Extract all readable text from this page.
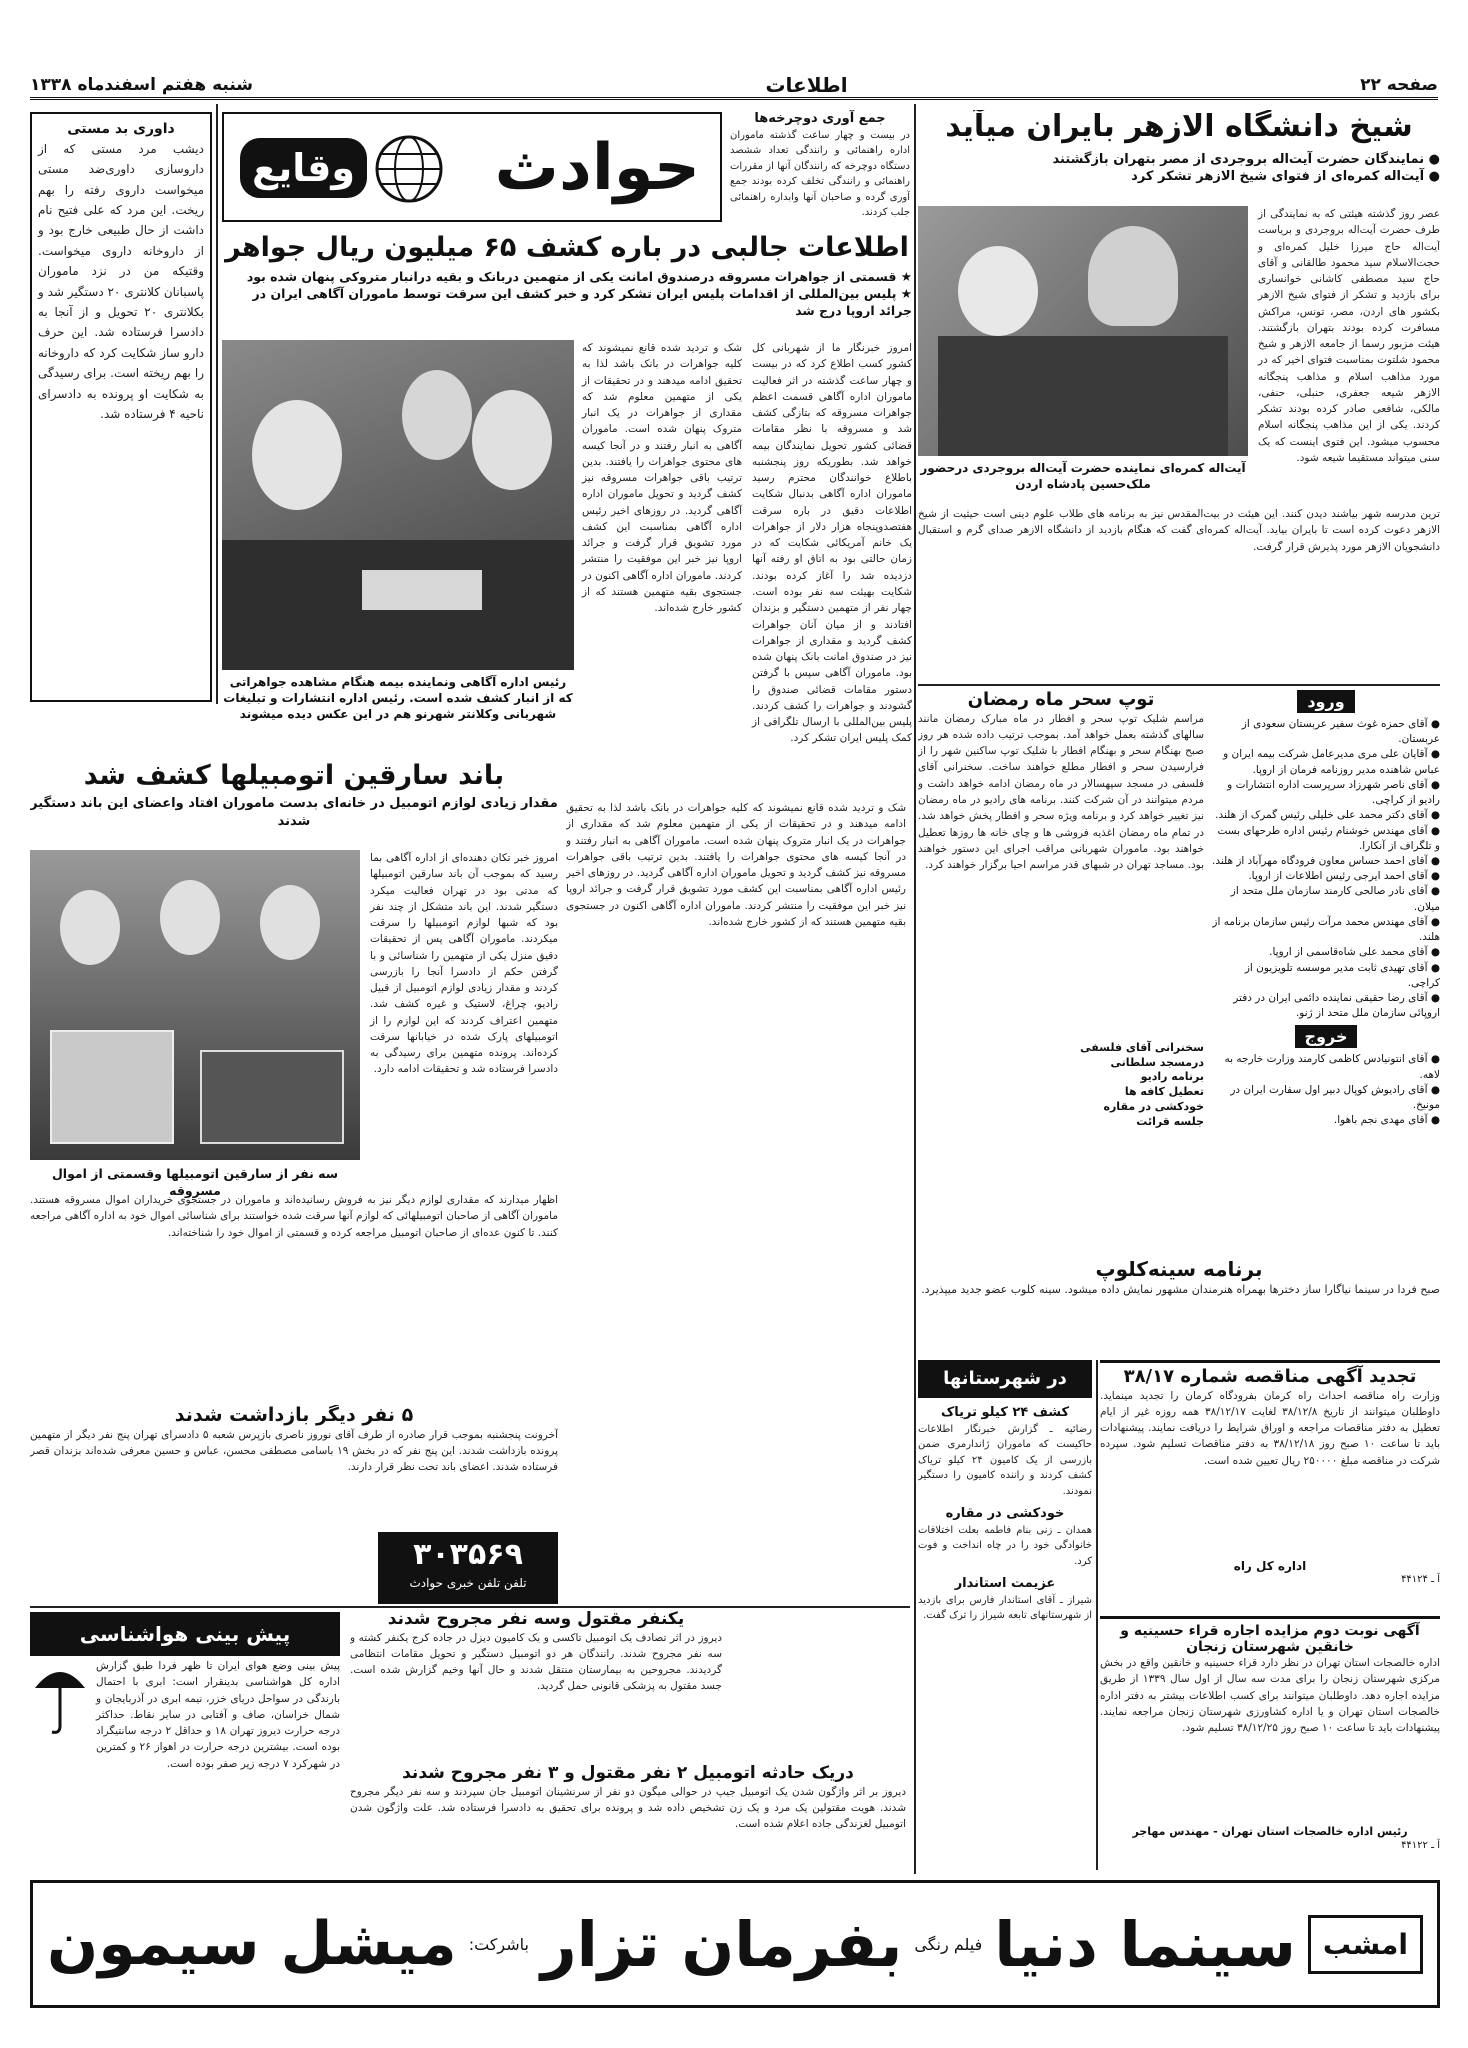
صفحه ۲۲
اطلاعات
شنبه هفتم اسفندماه ۱۳۳۸
شیخ دانشگاه الازهر بایران میآید
● نمایندگان حضرت آیت‌اله بروجردی از مصر بتهران بازگشتند
● آیت‌اله کمره‌ای از فتوای شیخ الازهر تشکر کرد
عصر روز گذشته هیئتی که به نمایندگی از طرف حضرت آیت‌اله بروجردی و بریاست آیت‌اله حاج میرزا خلیل کمره‌ای و حجت‌الاسلام سید محمود طالقانی و آقای حاج سید مصطفی کاشانی خوانساری برای بازدید و تشکر از فتوای شیخ الازهر بکشور های اردن، مصر، تونس، مراکش مسافرت کرده بودند بتهران بازگشتند. هیئت مزبور رسما از جامعه الازهر و شیخ محمود شلتوت بمناسبت فتوای اخیر که در مورد مذاهب اسلام و مذاهب پنجگانه الازهر شیعه جعفری، حنبلی، حنفی، مالکی، شافعی صادر کرده بودند تشکر کردند. یکی از این مذاهب پنجگانه اسلام محسوب میشود. این فتوی اینست که یک سنی میتواند مستقیما شیعه شود.
آیت‌اله کمره‌ای نماینده حضرت آیت‌اله بروجردی درحضور ملک‌حسین پادشاه اردن
ترین مدرسه شهر بیاشند دیدن کنند. این هیئت در بیت‌المقدس نیز به برنامه های طلاب علوم دینی است حیثیت از شیخ الازهر دعوت کرده است تا بایران بیاید. آیت‌اله کمره‌ای گفت که هنگام بازدید از دانشگاه الازهر صدای گرم و استقبال دانشجویان الازهر مورد پذیرش قرار گرفت.
جمع آوری دوچرخه‌ها
در بیست و چهار ساعت گذشته ماموران اداره راهنمائی و رانندگی تعداد ششصد دستگاه دوچرخه که رانندگان آنها از مقررات راهنمائی و رانندگی تخلف کرده بودند جمع آوری گرده و صاحبان آنها وابداره راهنمائی جلب کردند.
حوادث
وقایع
داوری بد مستی
دیشب مرد مستی که از داروسازی داوری‌ضد مستی میخواست داروی رفته را بهم ریخت. این مرد که علی فتیح نام داشت از حال طبیعی خارج بود و از داروخانه داروی میخواست. وقتیکه من در نزد ماموران پاسبانان کلانتری ۲۰ دستگیر شد و بکلانتری ۲۰ تحویل و از آنجا به دادسرا فرستاده شد. این حرف دارو ساز شکایت کرد که داروخانه را بهم ریخته است. برای رسیدگی به شکایت او پرونده به دادسرای ناحیه ۴ فرستاده شد.
اطلاعات جالبی در باره کشف ۶۵ میلیون ریال جواهر
★ قسمتی از جواهرات مسروقه درصندوق امانت یکی از متهمین دربانک و بقیه درانبار متروکی پنهان شده بود
★ پلیس بین‌المللی از اقدامات پلیس ایران تشکر کرد و خبر کشف این سرقت توسط ماموران آگاهی ایران در جرائد اروپا درج شد
امروز خبرنگار ما از شهربانی کل کشور کسب اطلاع کرد که در بیست و چهار ساعت گذشته در اثر فعالیت ماموران اداره آگاهی قسمت اعظم جواهرات مسروقه که بتازگی کشف شد و مسروقه با نظر مقامات قضائی کشور تحویل نمایندگان بیمه خواهد شد. بطوریکه روز پنجشنبه باطلاع خوانندگان محترم رسید ماموران اداره آگاهی بدنبال شکایت اطلاعات دقیق در باره سرقت هفتصدوپنجاه هزار دلار از جواهرات یک خانم آمریکائی شکایت که در زمان حالتی بود به اتاق او رفته آنها دزدیده شد را آغاز کرده بودند. شکایت بهیئت سه نفر بوده است. چهار نفر از متهمین دستگیر و بزندان افتادند و از میان آنان جواهرات کشف گردید و مقداری از جواهرات نیز در صندوق امانت بانک پنهان شده بود. ماموران آگاهی سپس با گرفتن دستور مقامات قضائی صندوق را گشودند و جواهرات را کشف کردند. پلیس بین‌المللی با ارسال تلگرافی از کمک پلیس ایران تشکر کرد.
شک و تردید شده قانع نمیشوند که کلیه جواهرات در بانک باشد لذا به تحقیق ادامه میدهند و در تحقیقات از یکی از متهمین معلوم شد که مقداری از جواهرات در یک انبار متروک پنهان شده است. ماموران آگاهی به انبار رفتند و در آنجا کیسه های محتوی جواهرات را یافتند. بدین ترتیب باقی جواهرات مسروقه نیز کشف گردید و تحویل ماموران اداره آگاهی گردید. در روزهای اخیر رئیس اداره آگاهی بمناسبت این کشف مورد تشویق قرار گرفت و جرائد اروپا نیز خبر این موفقیت را منتشر کردند. ماموران اداره آگاهی اکنون در جستجوی بقیه متهمین هستند که از کشور خارج شده‌اند.
رئیس اداره آگاهی ونماینده بیمه هنگام مشاهده جواهراتی که از انبار کشف شده است. رئیس اداره انتشارات و تبلیغات شهربانی وکلانتر شهرنو هم در این عکس دیده میشوند
باند سارقین اتومبیلها کشف شد
مقدار زیادی لوازم اتومبیل در خانه‌ای بدست ماموران افتاد واعضای این باند دستگیر شدند
امروز خبر تکان دهنده‌ای از اداره آگاهی بما رسید که بموجب آن باند سارقین اتومبیلها که مدتی بود در تهران فعالیت میکرد دستگیر شدند. این باند متشکل از چند نفر بود که شبها لوازم اتومبیلها را سرقت میکردند. ماموران آگاهی پس از تحقیقات دقیق منزل یکی از متهمین را شناسائی و با گرفتن حکم از دادسرا آنجا را بازرسی کردند و مقدار زیادی لوازم اتومبیل از قبیل رادیو، چراغ، لاستیک و غیره کشف شد. متهمین اعتراف کردند که این لوازم را از اتومبیلهای پارک شده در خیابانها سرقت کرده‌اند. پرونده متهمین برای رسیدگی به دادسرا فرستاده شد و تحقیقات ادامه دارد.
سه نفر از سارقین اتومبیلها وقسمتی از اموال مسروقه
اظهار میدارند که مقداری لوازم دیگر نیز به فروش رسانیده‌اند و ماموران در جستجوی خریداران اموال مسروقه هستند. ماموران آگاهی از صاحبان اتومبیلهائی که لوازم آنها سرقت شده خواستند برای شناسائی اموال خود به اداره آگاهی مراجعه کنند. تا کنون عده‌ای از صاحبان اتومبیل مراجعه کرده و قسمتی از اموال خود را شناخته‌اند.
۵ نفر دیگر بازداشت شدند
آخرونت پنجشنبه بموجب قرار صادره از طرف آقای نوروز ناصری بازپرس شعبه ۵ دادسرای تهران پنج نفر دیگر از متهمین پرونده بازداشت شدند. این پنج نفر که در بخش ۱۹ باسامی مصطفی محسن، عباس و حسین معرفی شده‌اند بزندان قصر فرستاده شدند. اعضای باند تحت نظر قرار دارند.
۳۰۳۵۶۹
تلفن تلفن خبری حوادث
پیش بینی هواشناسی
پیش بینی وضع هوای ایران تا ظهر فردا طبق گزارش اداره کل هواشناسی بدینقرار است: ابری با احتمال بارندگی در سواحل دریای خزر، نیمه ابری در آذربایجان و شمال خراسان، صاف و آفتابی در سایر نقاط. حداکثر درجه حرارت دیروز تهران ۱۸ و حداقل ۲ درجه سانتیگراد بوده است. بیشترین درجه حرارت در اهواز ۲۶ و کمترین در شهرکرد ۷ درجه زیر صفر بوده است.
یکنفر مقتول وسه نفر مجروح شدند
دیروز در اثر تصادف یک اتومبیل تاکسی و یک کامیون دیزل در جاده کرج یکنفر کشته و سه نفر مجروح شدند. رانندگان هر دو اتومبیل دستگیر و تحویل مقامات انتظامی گردیدند. مجروحین به بیمارستان منتقل شدند و حال آنها وخیم گزارش شده است. جسد مقتول به پزشکی قانونی حمل گردید.
دریک حادثه اتومبیل ۲ نفر مقتول و ۳ نفر مجروح شدند
دیروز بر اثر واژگون شدن یک اتومبیل جیپ در حوالی میگون دو نفر از سرنشینان اتومبیل جان سپردند و سه نفر دیگر مجروح شدند. هویت مقتولین یک مرد و یک زن تشخیص داده شد و پرونده برای تحقیق به دادسرا فرستاده شد. علت واژگون شدن اتومبیل لغزندگی جاده اعلام شده است.
شک و تردید شده قانع نمیشوند که کلیه جواهرات در بانک باشد لذا به تحقیق ادامه میدهند و در تحقیقات از یکی از متهمین معلوم شد که مقداری از جواهرات در یک انبار متروک پنهان شده است. ماموران آگاهی به انبار رفتند و در آنجا کیسه های محتوی جواهرات را یافتند. بدین ترتیب باقی جواهرات مسروقه نیز کشف گردید و تحویل ماموران اداره آگاهی گردید. در روزهای اخیر رئیس اداره آگاهی بمناسبت این کشف مورد تشویق قرار گرفت و جرائد اروپا نیز خبر این موفقیت را منتشر کردند. ماموران اداره آگاهی اکنون در جستجوی بقیه متهمین هستند که از کشور خارج شده‌اند.
توپ سحر ماه رمضان
مراسم شلیک توپ سحر و افطار در ماه مبارک رمضان مانند سالهای گذشته بعمل خواهد آمد. بموجب ترتیب داده شده هر روز صبح بهنگام سحر و بهنگام افطار با شلیک توپ ساکنین شهر را از فرارسیدن سحر و افطار مطلع خواهند ساخت. سخنرانی آقای فلسفی در مسجد سپهسالار در ماه رمضان ادامه خواهد داشت و مردم میتوانند در آن شرکت کنند. برنامه های رادیو در ماه رمضان نیز تغییر خواهد کرد و برنامه ویژه سحر و افطار پخش خواهد شد. در تمام ماه رمضان اغذیه فروشی ها و چای خانه ها روزها تعطیل خواهند بود. ماموران شهربانی مراقب اجرای این دستور خواهند بود. مساجد تهران در شبهای قدر مراسم احیا برگزار خواهند کرد.
سخنرانی آقای فلسفی
درمسجد سلطانی
برنامه رادیو
تعطیل کافه ها
خودکشی در مقاره
جلسه قرائت
ورود
● آقای حمزه غوث سفیر عربستان سعودی از عربستان.
● آقایان علی مری مدیرعامل شرکت بیمه ایران و عباس شاهنده مدیر روزنامه فرمان از اروپا.
● آقای ناصر شهرزاد سرپرست اداره انتشارات و رادیو از کراچی.
● آقای دکتر محمد علی خلیلی رئیس گمرک از هلند.
● آقای مهندس خوشنام رئیس اداره طرحهای بست و تلگراف از آنکارا.
● آقای احمد حساس معاون فرودگاه مهرآباد از هلند.
● آقای احمد ایرجی رئیس اطلاعات از اروپا.
● آقای نادر صالحی کارمند سازمان ملل متحد از میلان.
● آقای مهندس محمد مرآت رئیس سازمان برنامه از هلند.
● آقای محمد علی شاه‌قاسمی از اروپا.
● آقای تهیدی ثابت مدیر موسسه تلویزیون از کراچی.
● آقای رضا حقیقی نماینده دائمی ایران در دفتر اروپائی سازمان ملل متحد از ژنو.
خروج
● آقای انتونیادس کاظمی کارمند وزارت خارجه به لاهه.
● آقای رادیوش کوپال دبیر اول سفارت ایران در مونیخ.
● آقای مهدی نجم باهوا.
برنامه سینه‌کلوپ
صبح فردا در سینما نیاگارا ساز دخترها بهمراه هنرمندان مشهور نمایش داده میشود. سینه کلوب عضو جدید میپذیرد.
تجدید آگهی مناقصه شماره ۳۸/۱۷
وزارت راه مناقصه احداث راه کرمان بفرودگاه کرمان را تجدید مینماید. داوطلبان میتوانند از تاریخ ۳۸/۱۲/۸ لغایت ۳۸/۱۲/۱۷ همه روزه غیر از ایام تعطیل به دفتر مناقصات مراجعه و اوراق شرایط را دریافت نمایند. پیشنهادات باید تا ساعت ۱۰ صبح روز ۳۸/۱۲/۱۸ به دفتر مناقصات تسلیم شود. سپرده شرکت در مناقصه مبلغ ۲۵۰۰۰۰ ریال تعیین شده است.
اداره کل راه
آ ـ ۴۴۱۲۴
در شهرستانها
کشف ۲۴ کیلو تریاک
رضائیه ـ گزارش خبرنگار اطلاعات حاکیست که ماموران ژاندارمری ضمن بازرسی از یک کامیون ۲۴ کیلو تریاک کشف کردند و راننده کامیون را دستگیر نمودند.
خودکشی در مقاره
همدان ـ زنی بنام فاطمه بعلت اختلافات خانوادگی خود را در چاه انداخت و فوت کرد.
عزیمت استاندار
شیراز ـ آقای استاندار فارس برای بازدید از شهرستانهای تابعه شیراز را ترک گفت.
آگهی نوبت دوم مزایده اجاره قراء حسینیه و خانقین شهرستان زنجان
اداره خالصجات استان تهران در نظر دارد قراء حسینیه و خانقین واقع در بخش مرکزی شهرستان زنجان را برای مدت سه سال از اول سال ۱۳۳۹ از طریق مزایده اجاره دهد. داوطلبان میتوانند برای کسب اطلاعات بیشتر به دفتر اداره خالصجات استان تهران و یا اداره کشاورزی شهرستان زنجان مراجعه نمایند. پیشنهادات باید تا ساعت ۱۰ صبح روز ۳۸/۱۲/۲۵ تسلیم شود.
رئیس اداره خالصجات استان تهران - مهندس مهاجر
آ ـ ۴۴۱۲۲
امشب
سینما دنیا
فیلم رنگی
بفرمان تزار
باشرکت:
میشل سیمون
